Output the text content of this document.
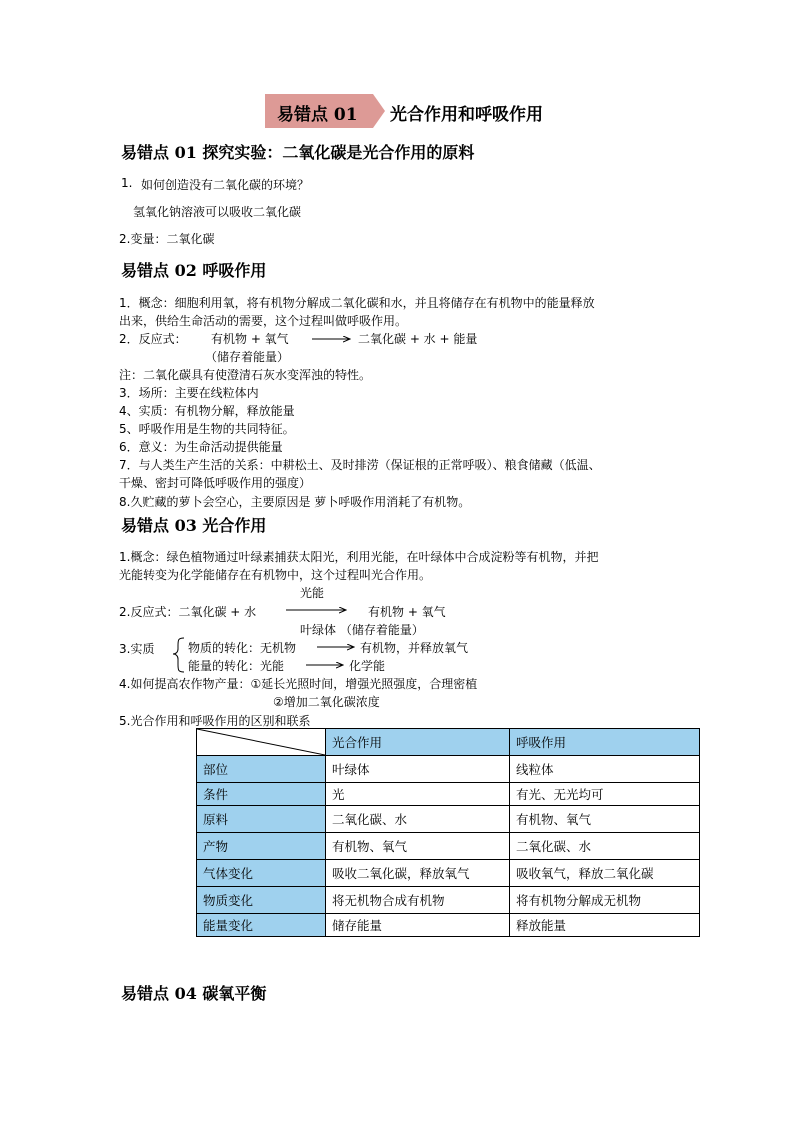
易错点 01 光合作用和呼吸作用
易错点 01 探究实验：二氧化碳是光合作用的原料
1. 如何创造没有二氧化碳的环境？
氢氧化钠溶液可以吸收二氧化碳
2.变量：二氧化碳
易错点 02 呼吸作用
1．概念：细胞利用氧，将有机物分解成二氧化碳和水，并且将储存在有机物中的能量释放
出来，供给生命活动的需要，这个过程叫做呼吸作用。
2．反应式： 有机物 + 氧气	二氧化碳 + 水 + 能量
（储存着能量）
注：二氧化碳具有使澄清石灰水变浑浊的特性。
3．场所：主要在线粒体内
4、实质：有机物分解，释放能量
5、呼吸作用是生物的共同特征。
6．意义：为生命活动提供能量
7．与人类生产生活的关系：中耕松土、及时排涝（保证根的正常呼吸）、粮食储藏（低温、
干燥、密封可降低呼吸作用的强度）
8.久贮藏的萝卜会空心，主要原因是 萝卜呼吸作用消耗了有机物。
易错点 03 光合作用
1.概念：绿色植物通过叶绿素捕获太阳光，利用光能，在叶绿体中合成淀粉等有机物，并把
光能转变为化学能储存在有机物中，这个过程叫光合作用。
光能
2.反应式：二氧化碳 + 水	有机物 + 氧气
叶绿体 （储存着能量）
3.实质	物质的转化：无机物	有机物，并释放氧气
能量的转化：光能	化学能
4.如何提高农作物产量：①延长光照时间，增强光照强度，合理密植
②增加二氧化碳浓度
5.光合作用和呼吸作用的区别和联系
	光合作用	呼吸作用
部位	叶绿体	线粒体
条件	光	有光、无光均可
原料	二氧化碳、水	有机物、氧气
产物	有机物、氧气	二氧化碳、水
气体变化	吸收二氧化碳，释放氧气	吸收氧气，释放二氧化碳
物质变化	将无机物合成有机物	将有机物分解成无机物
能量变化	储存能量	释放能量
易错点 04 碳氧平衡
